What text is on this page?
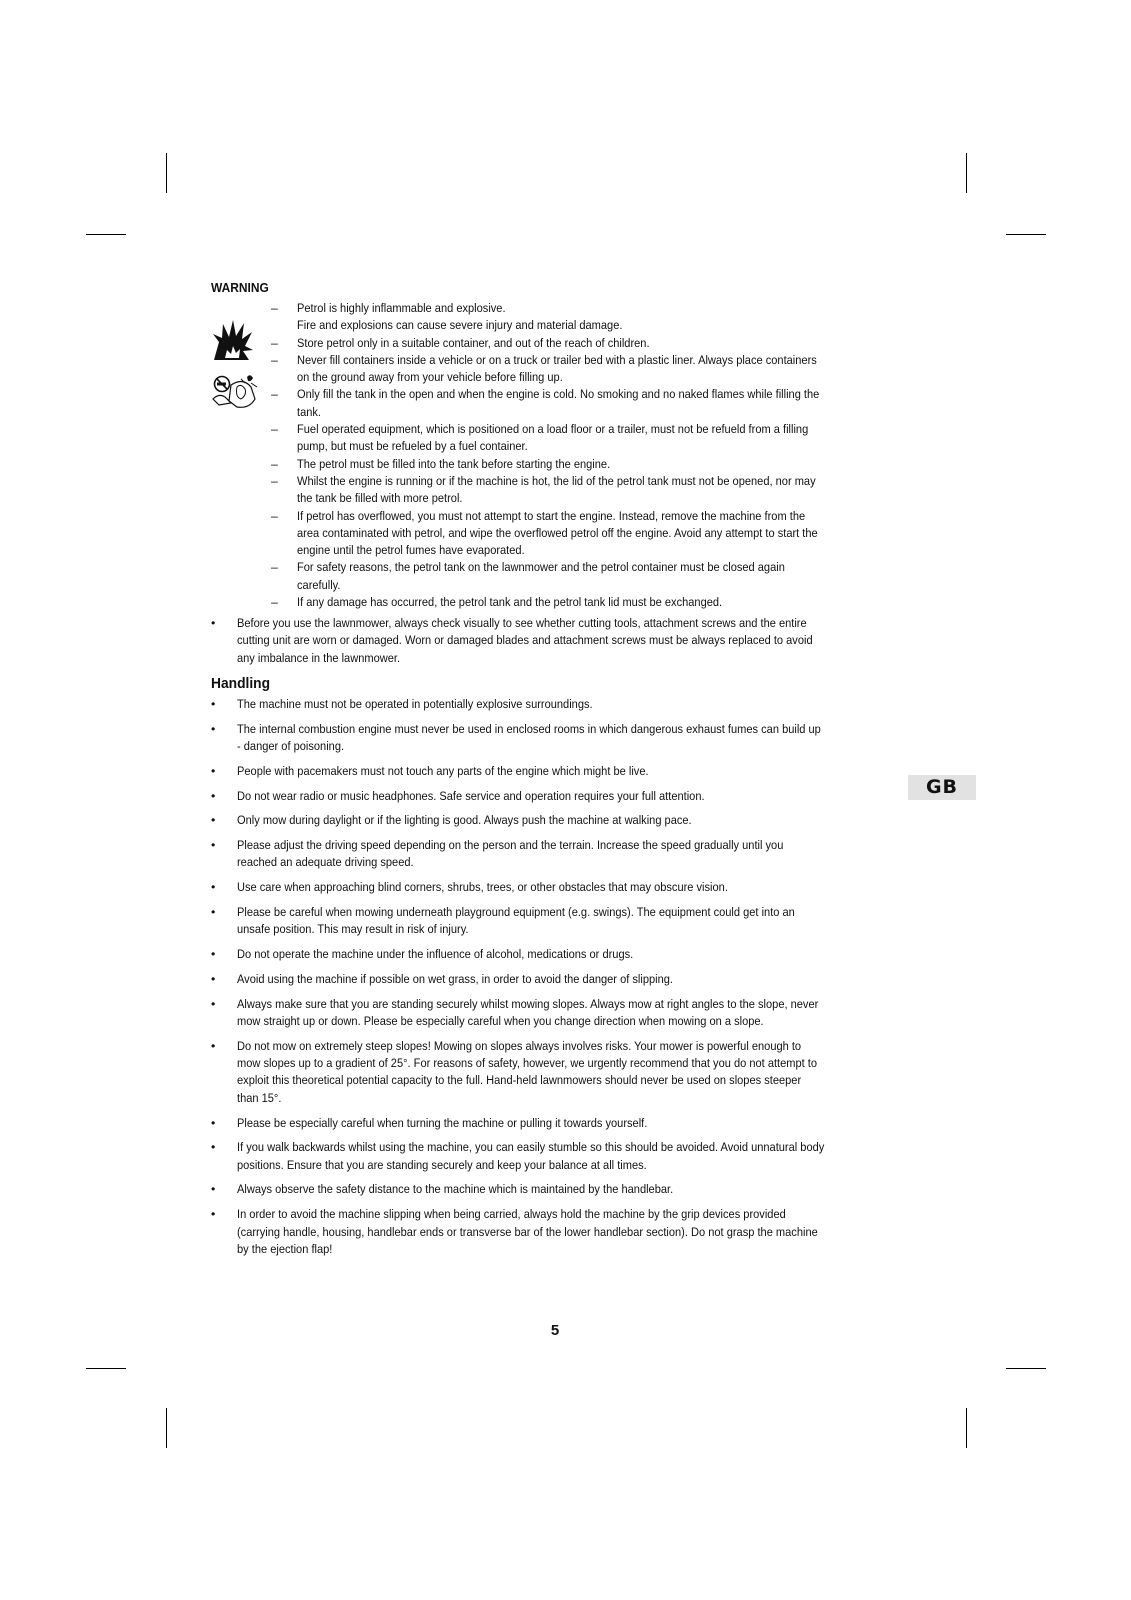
WARNING

– Petrol is highly inflammable and explosive.
Fire and explosions can cause severe injury and material damage.
– Store petrol only in a suitable container, and out of the reach of children.
– Never fill containers inside a vehicle or on a truck or trailer bed with a plastic liner. Always place containers
on the ground away from your vehicle before filling up.
– Only fill the tank in the open and when the engine is cold. No smoking and no naked flames while filling the
tank.
– Fuel operated equipment, which is positioned on a load floor or a trailer, must not be refueld from a filling
pump, but must be refueled by a fuel container.
– The petrol must be filled into the tank before starting the engine.
– Whilst the engine is running or if the machine is hot, the lid of the petrol tank must not be opened, nor may
the tank be filled with more petrol.
– If petrol has overflowed, you must not attempt to start the engine. Instead, remove the machine from the
area contaminated with petrol, and wipe the overflowed petrol off the engine. Avoid any attempt to start the
engine until the petrol fumes have evaporated.
– For safety reasons, the petrol tank on the lawnmower and the petrol container must be closed again
carefully.
– If any damage has occurred, the petrol tank and the petrol tank lid must be exchanged.
• Before you use the lawnmower, always check visually to see whether cutting tools, attachment screws and the entire
cutting unit are worn or damaged. Worn or damaged blades and attachment screws must be always replaced to avoid
any imbalance in the lawnmower.
Handling
• The machine must not be operated in potentially explosive surroundings.
• The internal combustion engine must never be used in enclosed rooms in which dangerous exhaust fumes can build up
- danger of poisoning.
• People with pacemakers must not touch any parts of the engine which might be live.
• Do not wear radio or music headphones. Safe service and operation requires your full attention.
• Only mow during daylight or if the lighting is good. Always push the machine at walking pace.
• Please adjust the driving speed depending on the person and the terrain. Increase the speed gradually until you
reached an adequate driving speed.
• Use care when approaching blind corners, shrubs, trees, or other obstacles that may obscure vision.
• Please be careful when mowing underneath playground equipment (e.g. swings). The equipment could get into an
unsafe position. This may result in risk of injury.
• Do not operate the machine under the influence of alcohol, medications or drugs.
• Avoid using the machine if possible on wet grass, in order to avoid the danger of slipping.
• Always make sure that you are standing securely whilst mowing slopes. Always mow at right angles to the slope, never
mow straight up or down. Please be especially careful when you change direction when mowing on a slope.
• Do not mow on extremely steep slopes! Mowing on slopes always involves risks. Your mower is powerful enough to
mow slopes up to a gradient of 25°. For reasons of safety, however, we urgently recommend that you do not attempt to
exploit this theoretical potential capacity to the full. Hand-held lawnmowers should never be used on slopes steeper
than 15°.
• Please be especially careful when turning the machine or pulling it towards yourself.
• If you walk backwards whilst using the machine, you can easily stumble so this should be avoided. Avoid unnatural body
positions. Ensure that you are standing securely and keep your balance at all times.
• Always observe the safety distance to the machine which is maintained by the handlebar.
• In order to avoid the machine slipping when being carried, always hold the machine by the grip devices provided
(carrying handle, housing, handlebar ends or transverse bar of the lower handlebar section). Do not grasp the machine
by the ejection flap!
GB
5
